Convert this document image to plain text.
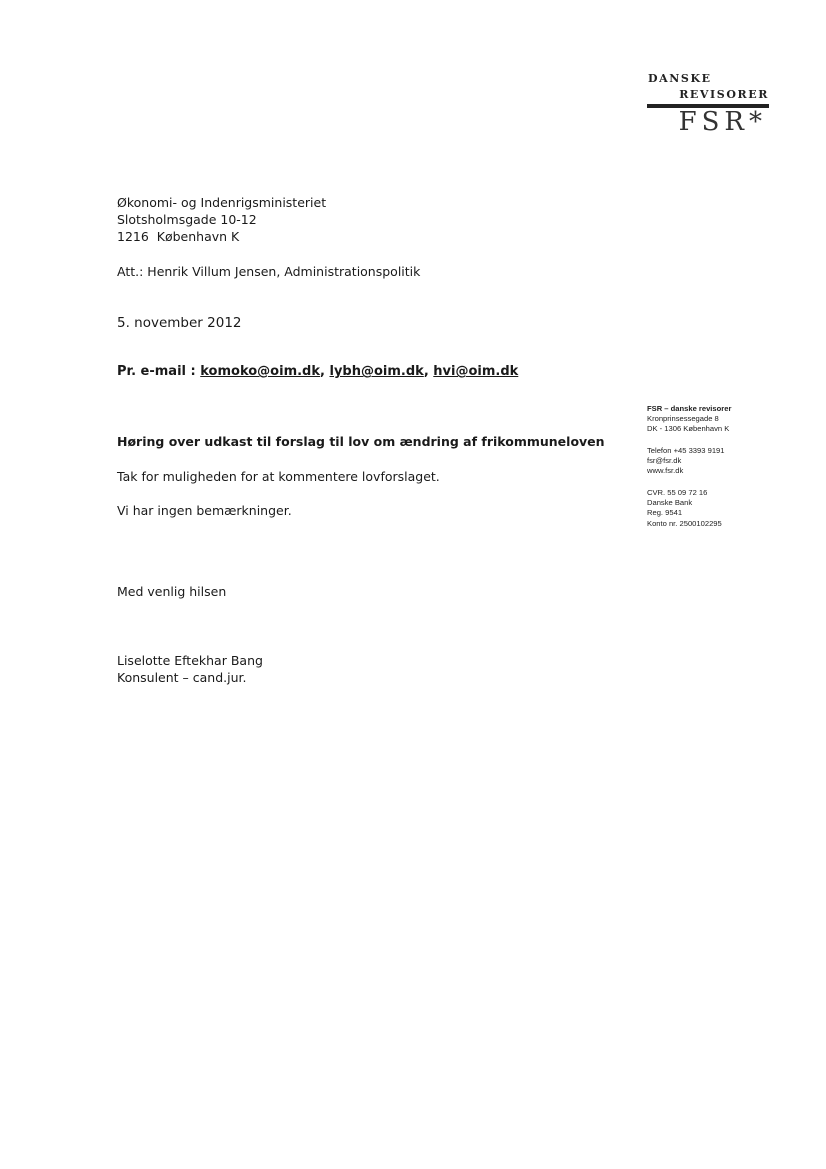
DANSKE
REVISORER
FSR*
Økonomi- og Indenrigsministeriet
Slotsholmsgade 10-12
1216  København K
Att.: Henrik Villum Jensen, Administrationspolitik
5. november 2012
Pr. e-mail : komoko@oim.dk, lybh@oim.dk, hvi@oim.dk
Høring over udkast til forslag til lov om ændring af frikommuneloven
Tak for muligheden for at kommentere lovforslaget.
Vi har ingen bemærkninger.
Med venlig hilsen
Liselotte Eftekhar Bang
Konsulent – cand.jur.
FSR – danske revisorer
Kronprinsessegade 8
DK - 1306 København K
Telefon +45 3393 9191
fsr@fsr.dk
www.fsr.dk
CVR. 55 09 72 16
Danske Bank
Reg. 9541
Konto nr. 2500102295
